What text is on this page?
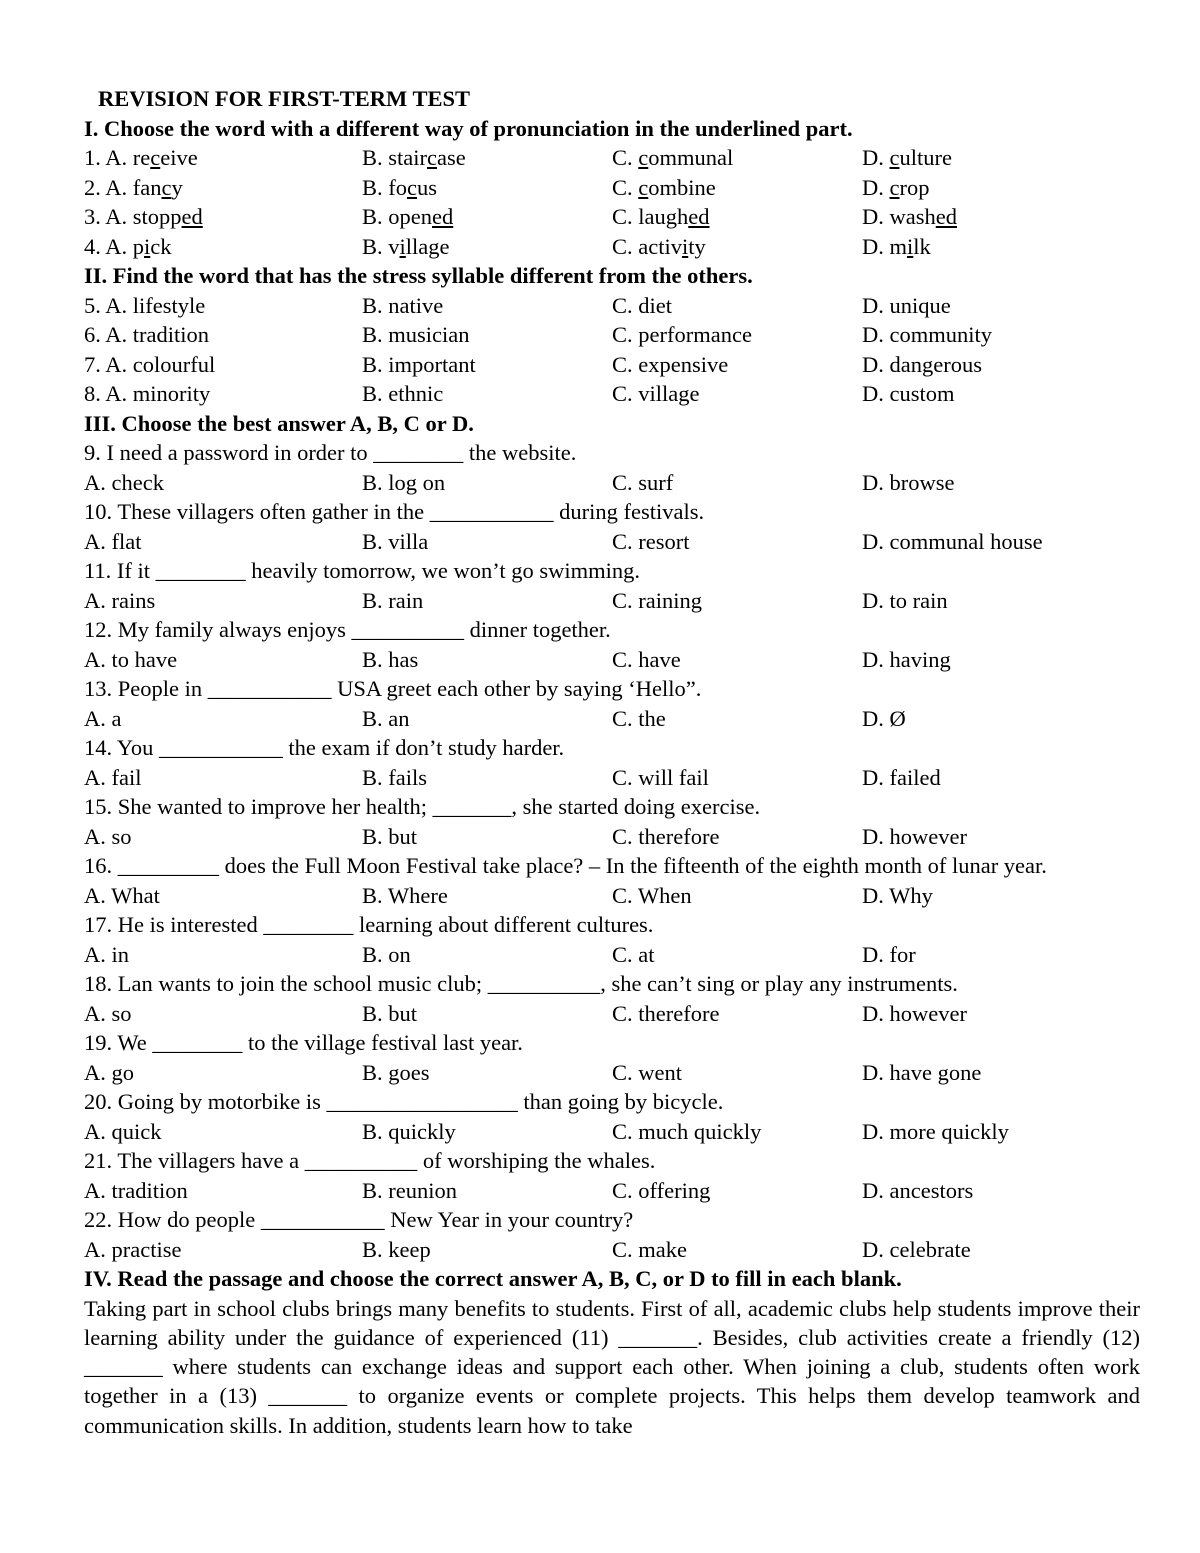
REVISION FOR FIRST-TERM TEST
I. Choose the word with a different way of pronunciation in the underlined part.
1. A. receive	B. staircase	C. communal	D. culture
2. A. fancy	B. focus	C. combine	D. crop
3. A. stopped	B. opened	C. laughed	D. washed
4. A. pick	B. village	C. activity	D. milk
II. Find the word that has the stress syllable different from the others.
5. A. lifestyle	B. native	C. diet	D. unique
6. A. tradition	B. musician	C. performance	D. community
7. A. colourful	B. important	C. expensive	D. dangerous
8. A. minority	B. ethnic	C. village	D. custom
III. Choose the best answer A, B, C or D.
9. I need a password in order to ________ the website.
A. check	B. log on	C. surf	D. browse
10. These villagers often gather in the ___________ during festivals.
A. flat	B. villa	C. resort	D. communal house
11. If it ________ heavily tomorrow, we won’t go swimming.
A. rains	B. rain	C. raining	D. to rain
12. My family always enjoys __________ dinner together.
A. to have	B. has	C. have	D. having
13. People in ___________ USA greet each other by saying ‘Hello”.
A. a	B. an	C. the	D. Ø
14. You ___________ the exam if don’t study harder.
A. fail	B. fails	C. will fail	D. failed
15. She wanted to improve her health; _______, she started doing exercise.
A. so	B. but	C. therefore	D. however
16. _________ does the Full Moon Festival take place? – In the fifteenth of the eighth month of lunar year.
A. What	B. Where	C. When	D. Why
17. He is interested ________ learning about different cultures.
A. in	B. on	C. at	D. for
18. Lan wants to join the school music club; __________, she can’t sing or play any instruments.
A. so	B. but	C. therefore	D. however
19. We ________ to the village festival last year.
A. go	B. goes	C. went	D. have gone
20. Going by motorbike is _________________ than going by bicycle.
A. quick	B. quickly	C. much quickly	D. more quickly
21. The villagers have a __________ of worshiping the whales.
A. tradition	B. reunion	C. offering	D. ancestors
22. How do people ___________ New Year in your country?
A. practise	B. keep	C. make	D. celebrate
IV. Read the passage and choose the correct answer A, B, C, or D to fill in each blank.
Taking part in school clubs brings many benefits to students. First of all, academic clubs help students improve their learning ability under the guidance of experienced (11) _______. Besides, club activities create a friendly (12) _______ where students can exchange ideas and support each other. When joining a club, students often work together in a (13) _______ to organize events or complete projects. This helps them develop teamwork and communication skills. In addition, students learn how to take
